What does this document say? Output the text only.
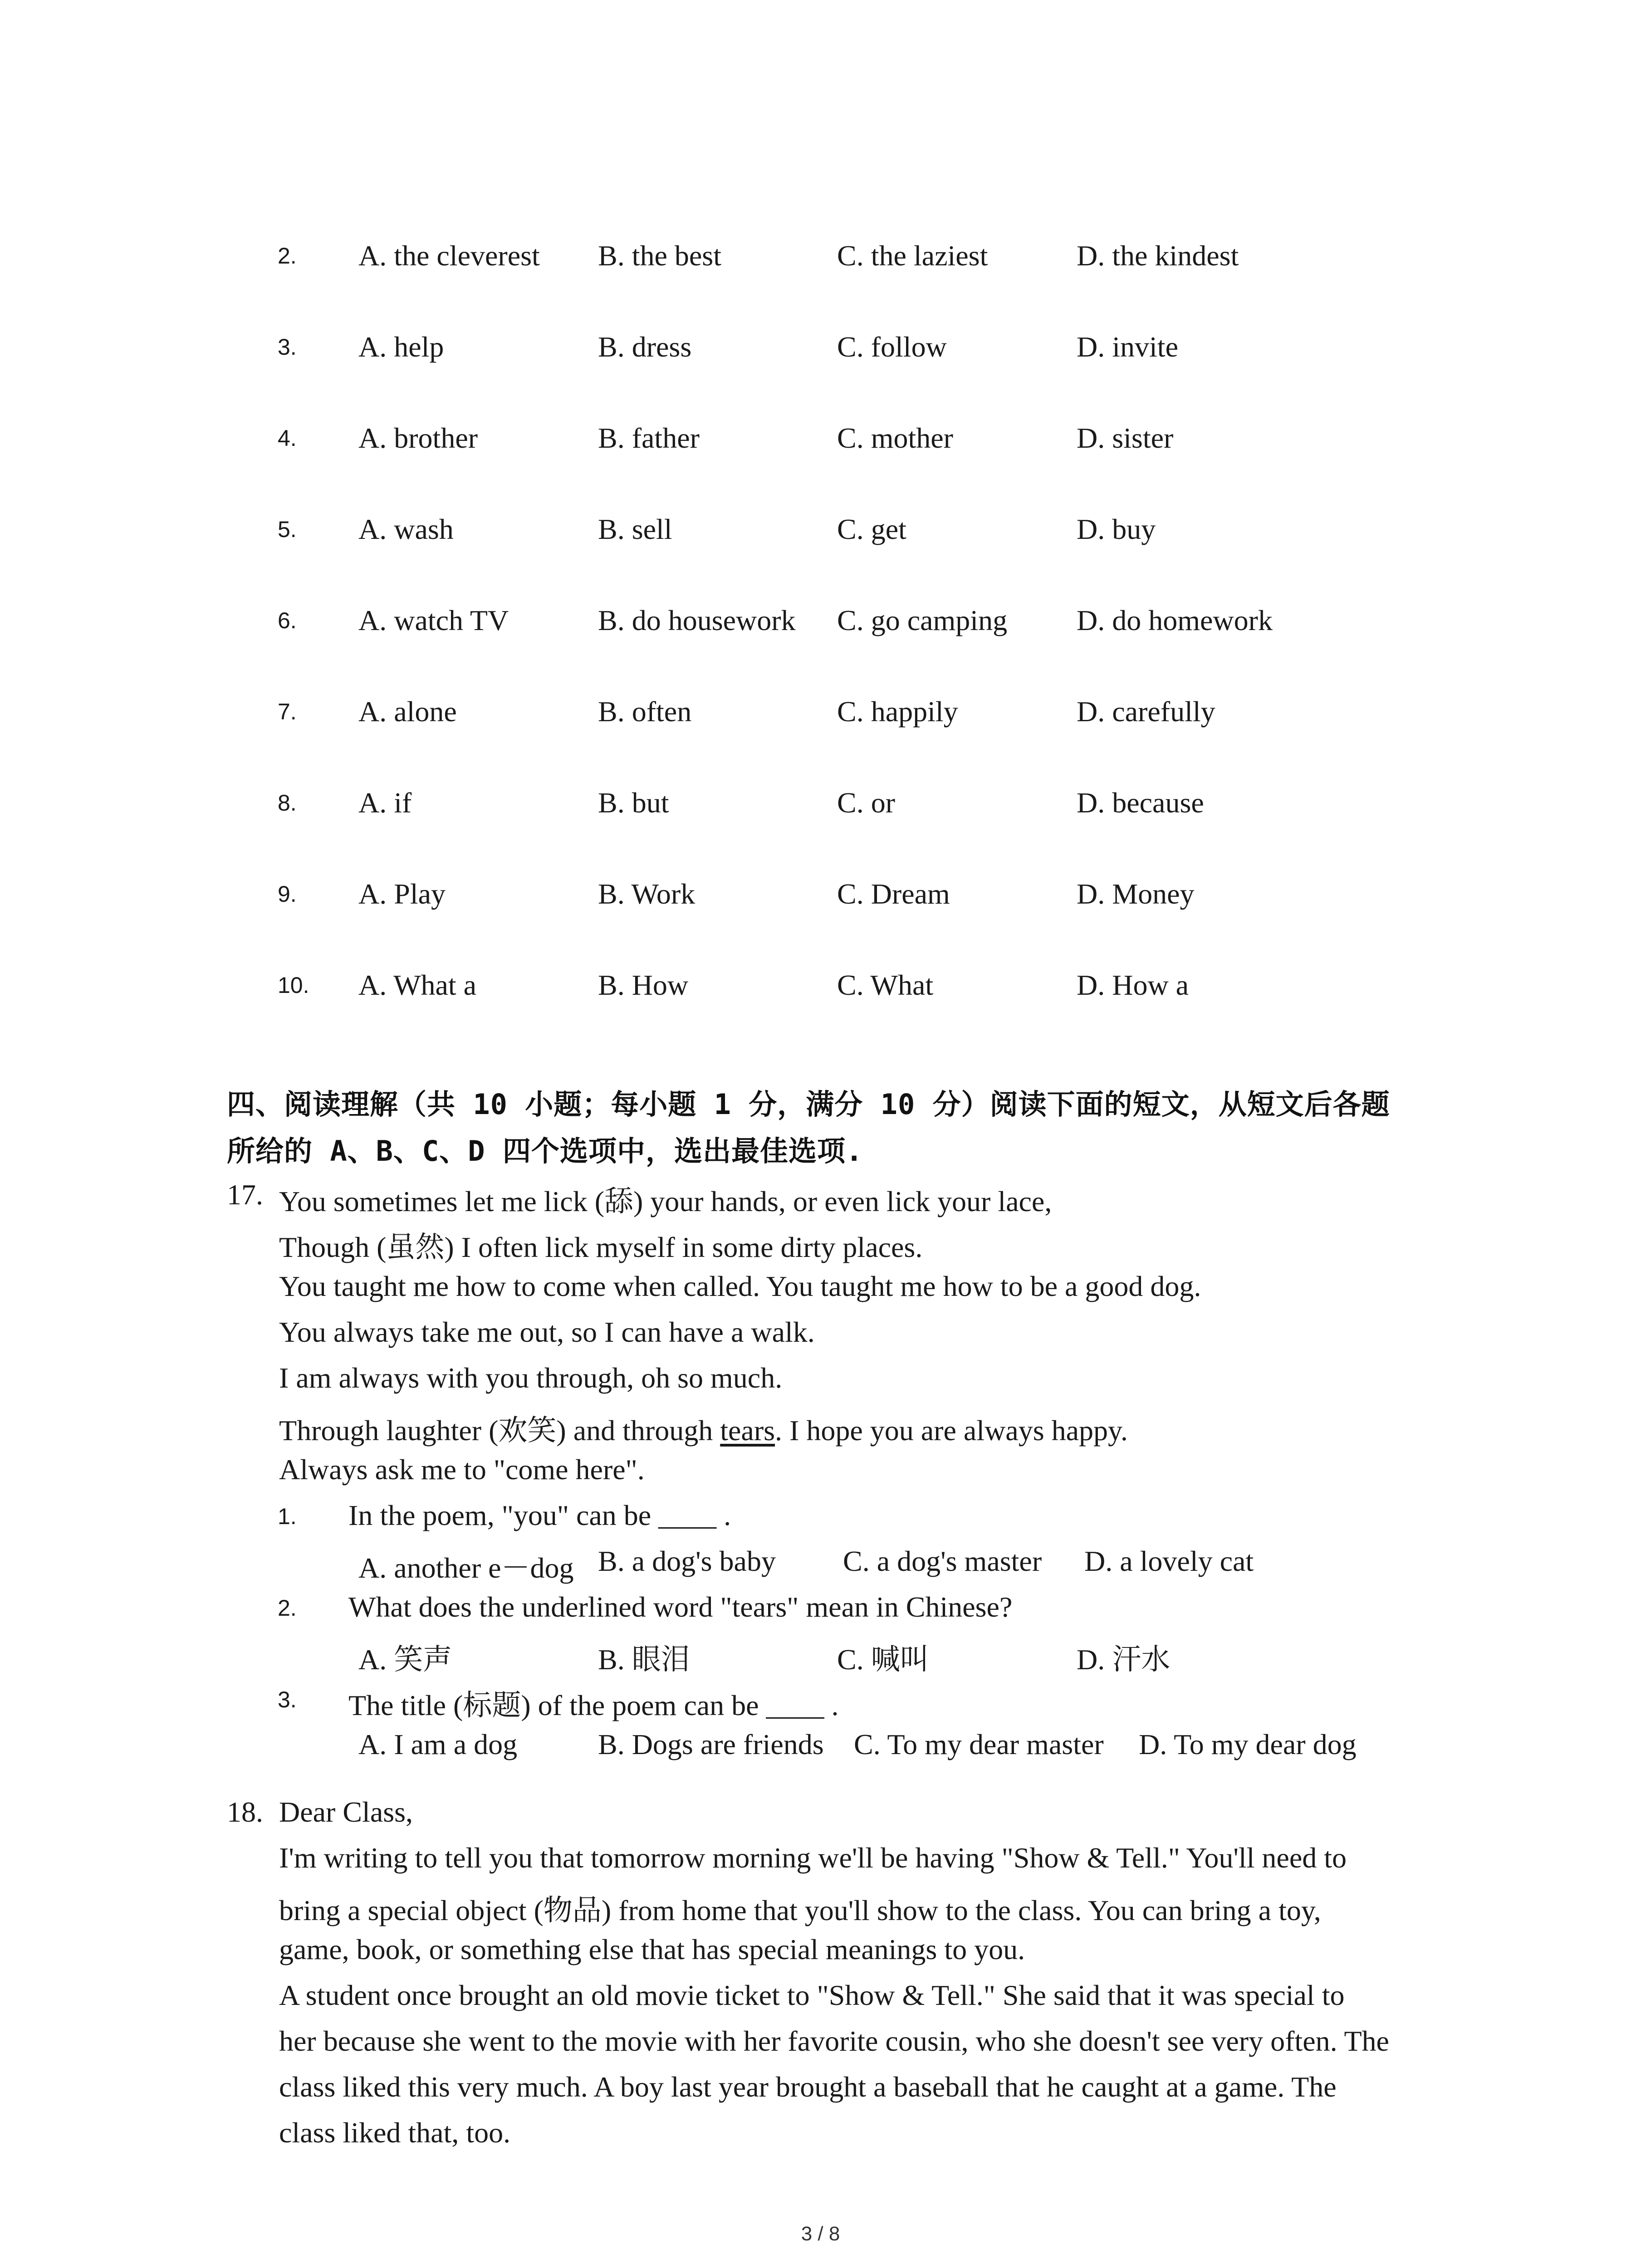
2. A. the cleverest B. the best	C. the laziest	D. the kindest
3. A. help	B. dress	C. follow	D. invite
4. A. brother	B. father	C. mother	D. sister
5. A. wash	B. sell	C. get	D. buy
6. A. watch TV	B. do housework C. go camping D. do homework
7. A. alone	B. often	C. happily	D. carefully
8. A. if	B. but	C. or	D. because
9. A. Play	B. Work	C. Dream	D. Money
10. A. What a	B. How	C. What	D. How a
四、阅读理解（共 10 小题；每小题 1 分，满分 10 分）阅读下面的短文，从短文后各题
所给的 A、B、C、D 四个选项中，选出最佳选项.
17. You sometimes let me lick (舔) your hands, or even lick your lace,
Though (虽然) I often lick myself in some dirty places.
You taught me how to come when called. You taught me how to be a good dog.
You always take me out, so I can have a walk.
I am always with you through, oh so much.
Through laughter (欢笑) and through tears. I hope you are always happy.
Always ask me to "come here".
1. In the poem, "you" can be ____ .
A. another e－dog B. a dog's baby C. a dog's master D. a lovely cat
2. What does the underlined word "tears" mean in Chinese?
A. 笑声	B. 眼泪	C. 喊叫	D. 汗水
3. The title (标题) of the poem can be ____ .
A. I am a dog	B. Dogs are friends C. To my dear master D. To my dear dog
18. Dear Class,
I'm writing to tell you that tomorrow morning we'll be having "Show & Tell." You'll need to
bring a special object (物品) from home that you'll show to the class. You can bring a toy,
game, book, or something else that has special meanings to you.
A student once brought an old movie ticket to "Show & Tell." She said that it was special to
her because she went to the movie with her favorite cousin, who she doesn't see very often. The
class liked this very much. A boy last year brought a baseball that he caught at a game. The
class liked that, too.
3 / 8
